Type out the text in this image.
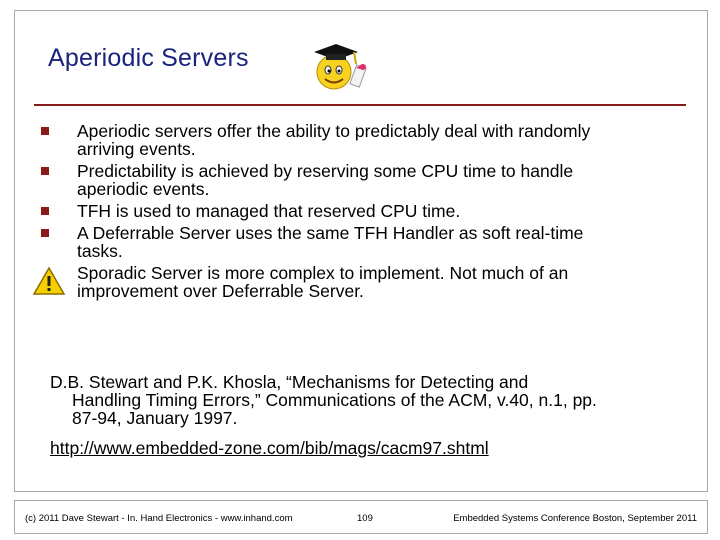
Aperiodic Servers
Aperiodic servers offer the ability to predictably deal with randomly
arriving events.
Predictability is achieved by reserving some CPU time to handle
aperiodic events.
TFH is used to managed that reserved CPU time.
A Deferrable Server uses the same TFH Handler as soft real-time
tasks.
Sporadic Server is more complex to implement. Not much of an
improvement over Deferrable Server.
D.B. Stewart and P.K. Khosla, “Mechanisms for Detecting and
Handling Timing Errors,” Communications of the ACM, v.40, n.1, pp.
87-94, January 1997.
http://www.embedded-zone.com/bib/mags/cacm97.shtml
(c) 2011 Dave Stewart - In. Hand Electronics - www.inhand.com	109	Embedded Systems Conference Boston, September 2011
